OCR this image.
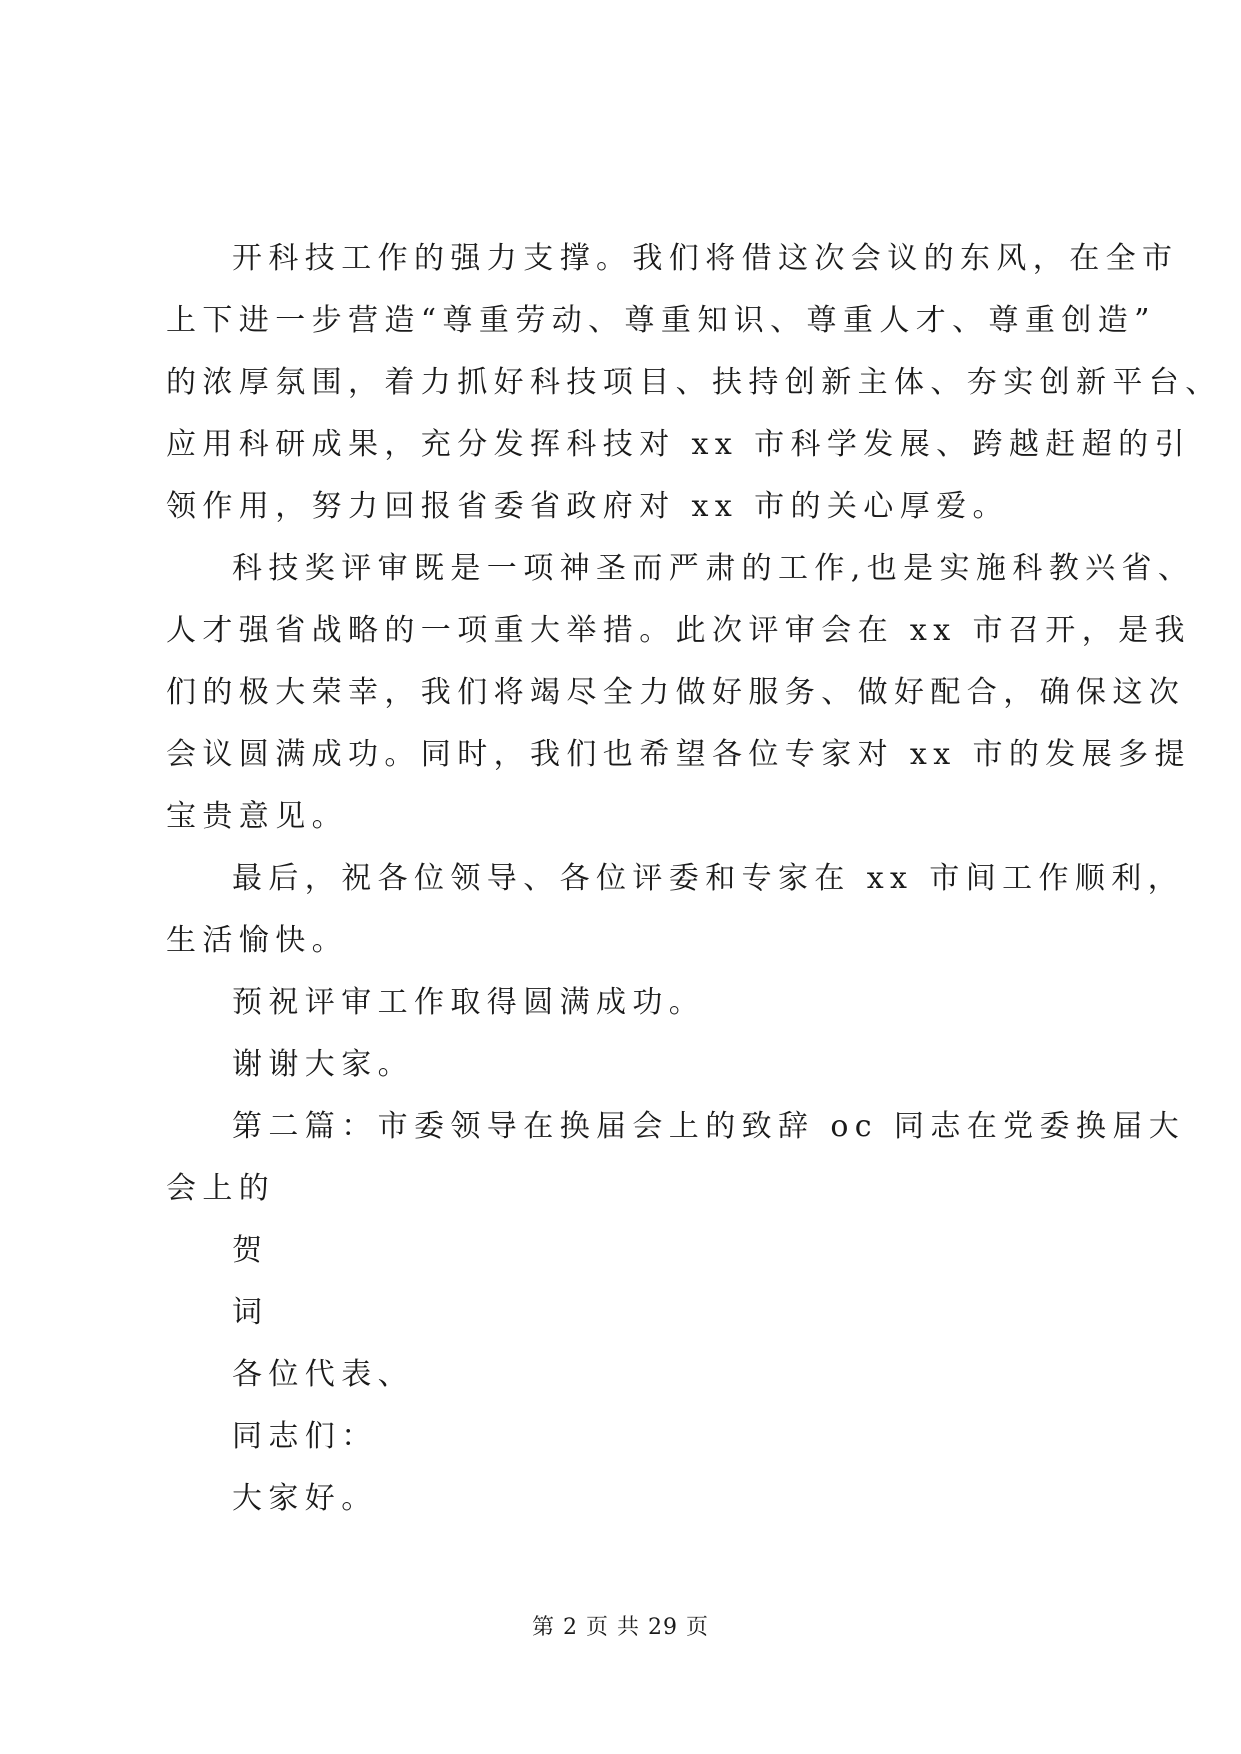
开科技工作的强力支撑。我们将借这次会议的东风，在全市
上下进一步营造“尊重劳动、尊重知识、尊重人才、尊重创造”
的浓厚氛围，着力抓好科技项目、扶持创新主体、夯实创新平台、
应用科研成果，充分发挥科技对 xx 市科学发展、跨越赶超的引
领作用，努力回报省委省政府对 xx 市的关心厚爱。
科技奖评审既是一项神圣而严肃的工作,也是实施科教兴省、
人才强省战略的一项重大举措。此次评审会在 xx 市召开，是我
们的极大荣幸，我们将竭尽全力做好服务、做好配合，确保这次
会议圆满成功。同时，我们也希望各位专家对 xx 市的发展多提
宝贵意见。
最后，祝各位领导、各位评委和专家在 xx 市间工作顺利，
生活愉快。
预祝评审工作取得圆满成功。
谢谢大家。
第二篇：市委领导在换届会上的致辞 oc 同志在党委换届大
会上的
贺
词
各位代表、
同志们：
大家好。
第 2 页 共 29 页
